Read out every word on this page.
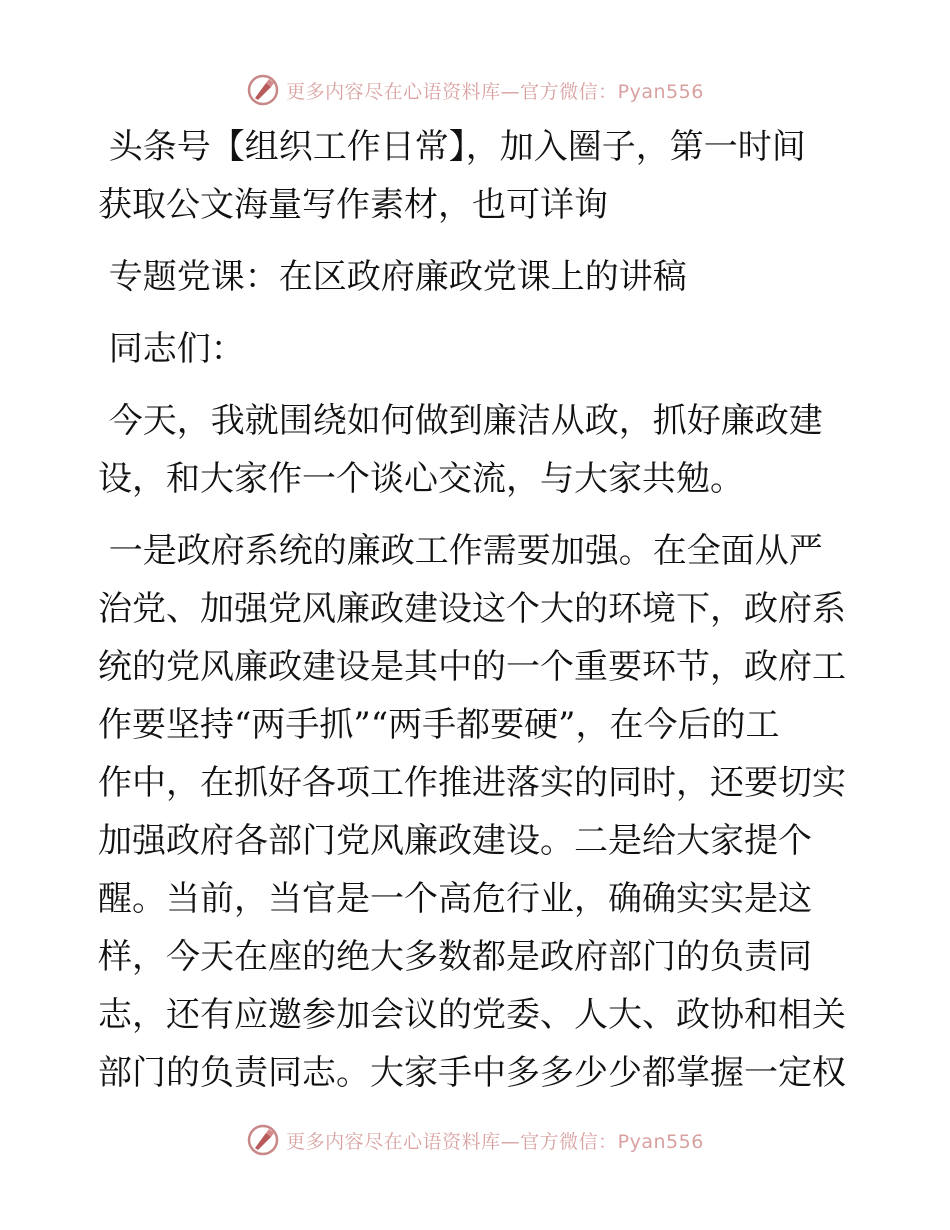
更多内容尽在心语资料库—官方微信：Pyan556

头条号【组织工作日常】，加入圈子，第一时间
获取公文海量写作素材，也可详询

专题党课：在区政府廉政党课上的讲稿

同志们：

今天，我就围绕如何做到廉洁从政，抓好廉政建
设，和大家作一个谈心交流，与大家共勉。

一是政府系统的廉政工作需要加强。在全面从严
治党、加强党风廉政建设这个大的环境下，政府系
统的党风廉政建设是其中的一个重要环节，政府工
作要坚持“两手抓”“两手都要硬”，在今后的工
作中，在抓好各项工作推进落实的同时，还要切实
加强政府各部门党风廉政建设。二是给大家提个
醒。当前，当官是一个高危行业，确确实实是这
样，今天在座的绝大多数都是政府部门的负责同
志，还有应邀参加会议的党委、人大、政协和相关
部门的负责同志。大家手中多多少少都掌握一定权

更多内容尽在心语资料库—官方微信：Pyan556
